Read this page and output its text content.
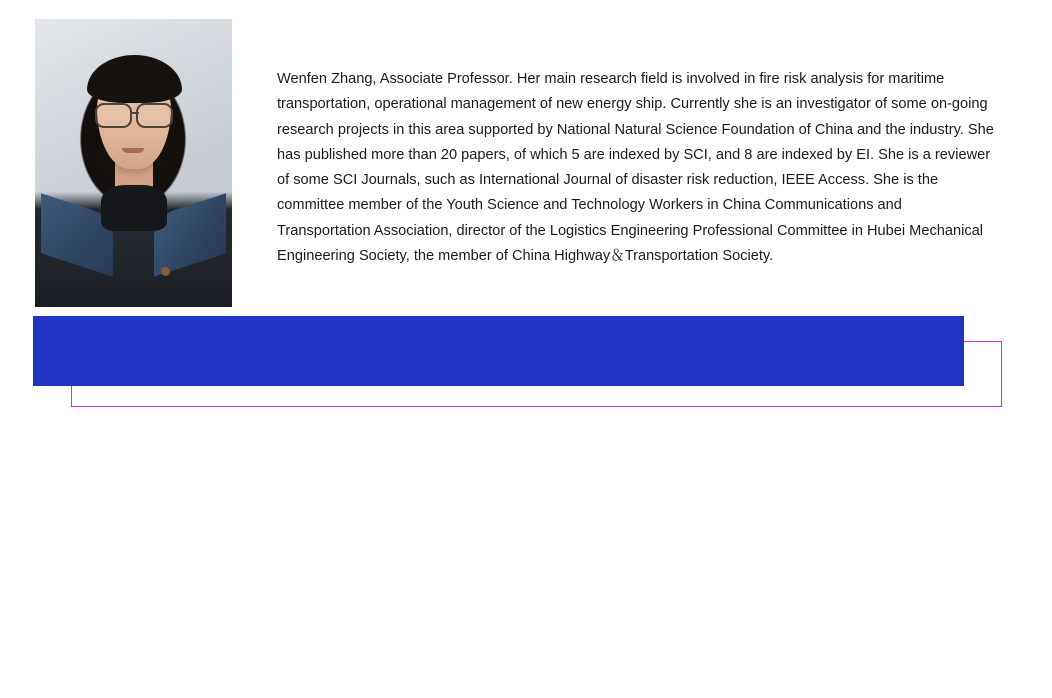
Wenfen Zhang, Associate Professor. Her main research field is involved in fire risk analysis for maritime transportation, operational management of new energy ship. Currently she is an investigator of some on-going research projects in this area supported by National Natural Science Foundation of China and the industry. She has published more than 20 papers, of which 5 are indexed by SCI, and 8 are indexed by EI. She is a reviewer of some SCI Journals, such as International Journal of disaster risk reduction, IEEE Access. She is the committee member of the Youth Science and Technology Workers in China Communications and Transportation Association, director of the Logistics Engineering Professional Committee in Hubei Mechanical Engineering Society, the member of China Highway＆Transportation Society.
Wenfen Zhang Invited Speaker
Wuhan Textile University, Associate professor	Biography
